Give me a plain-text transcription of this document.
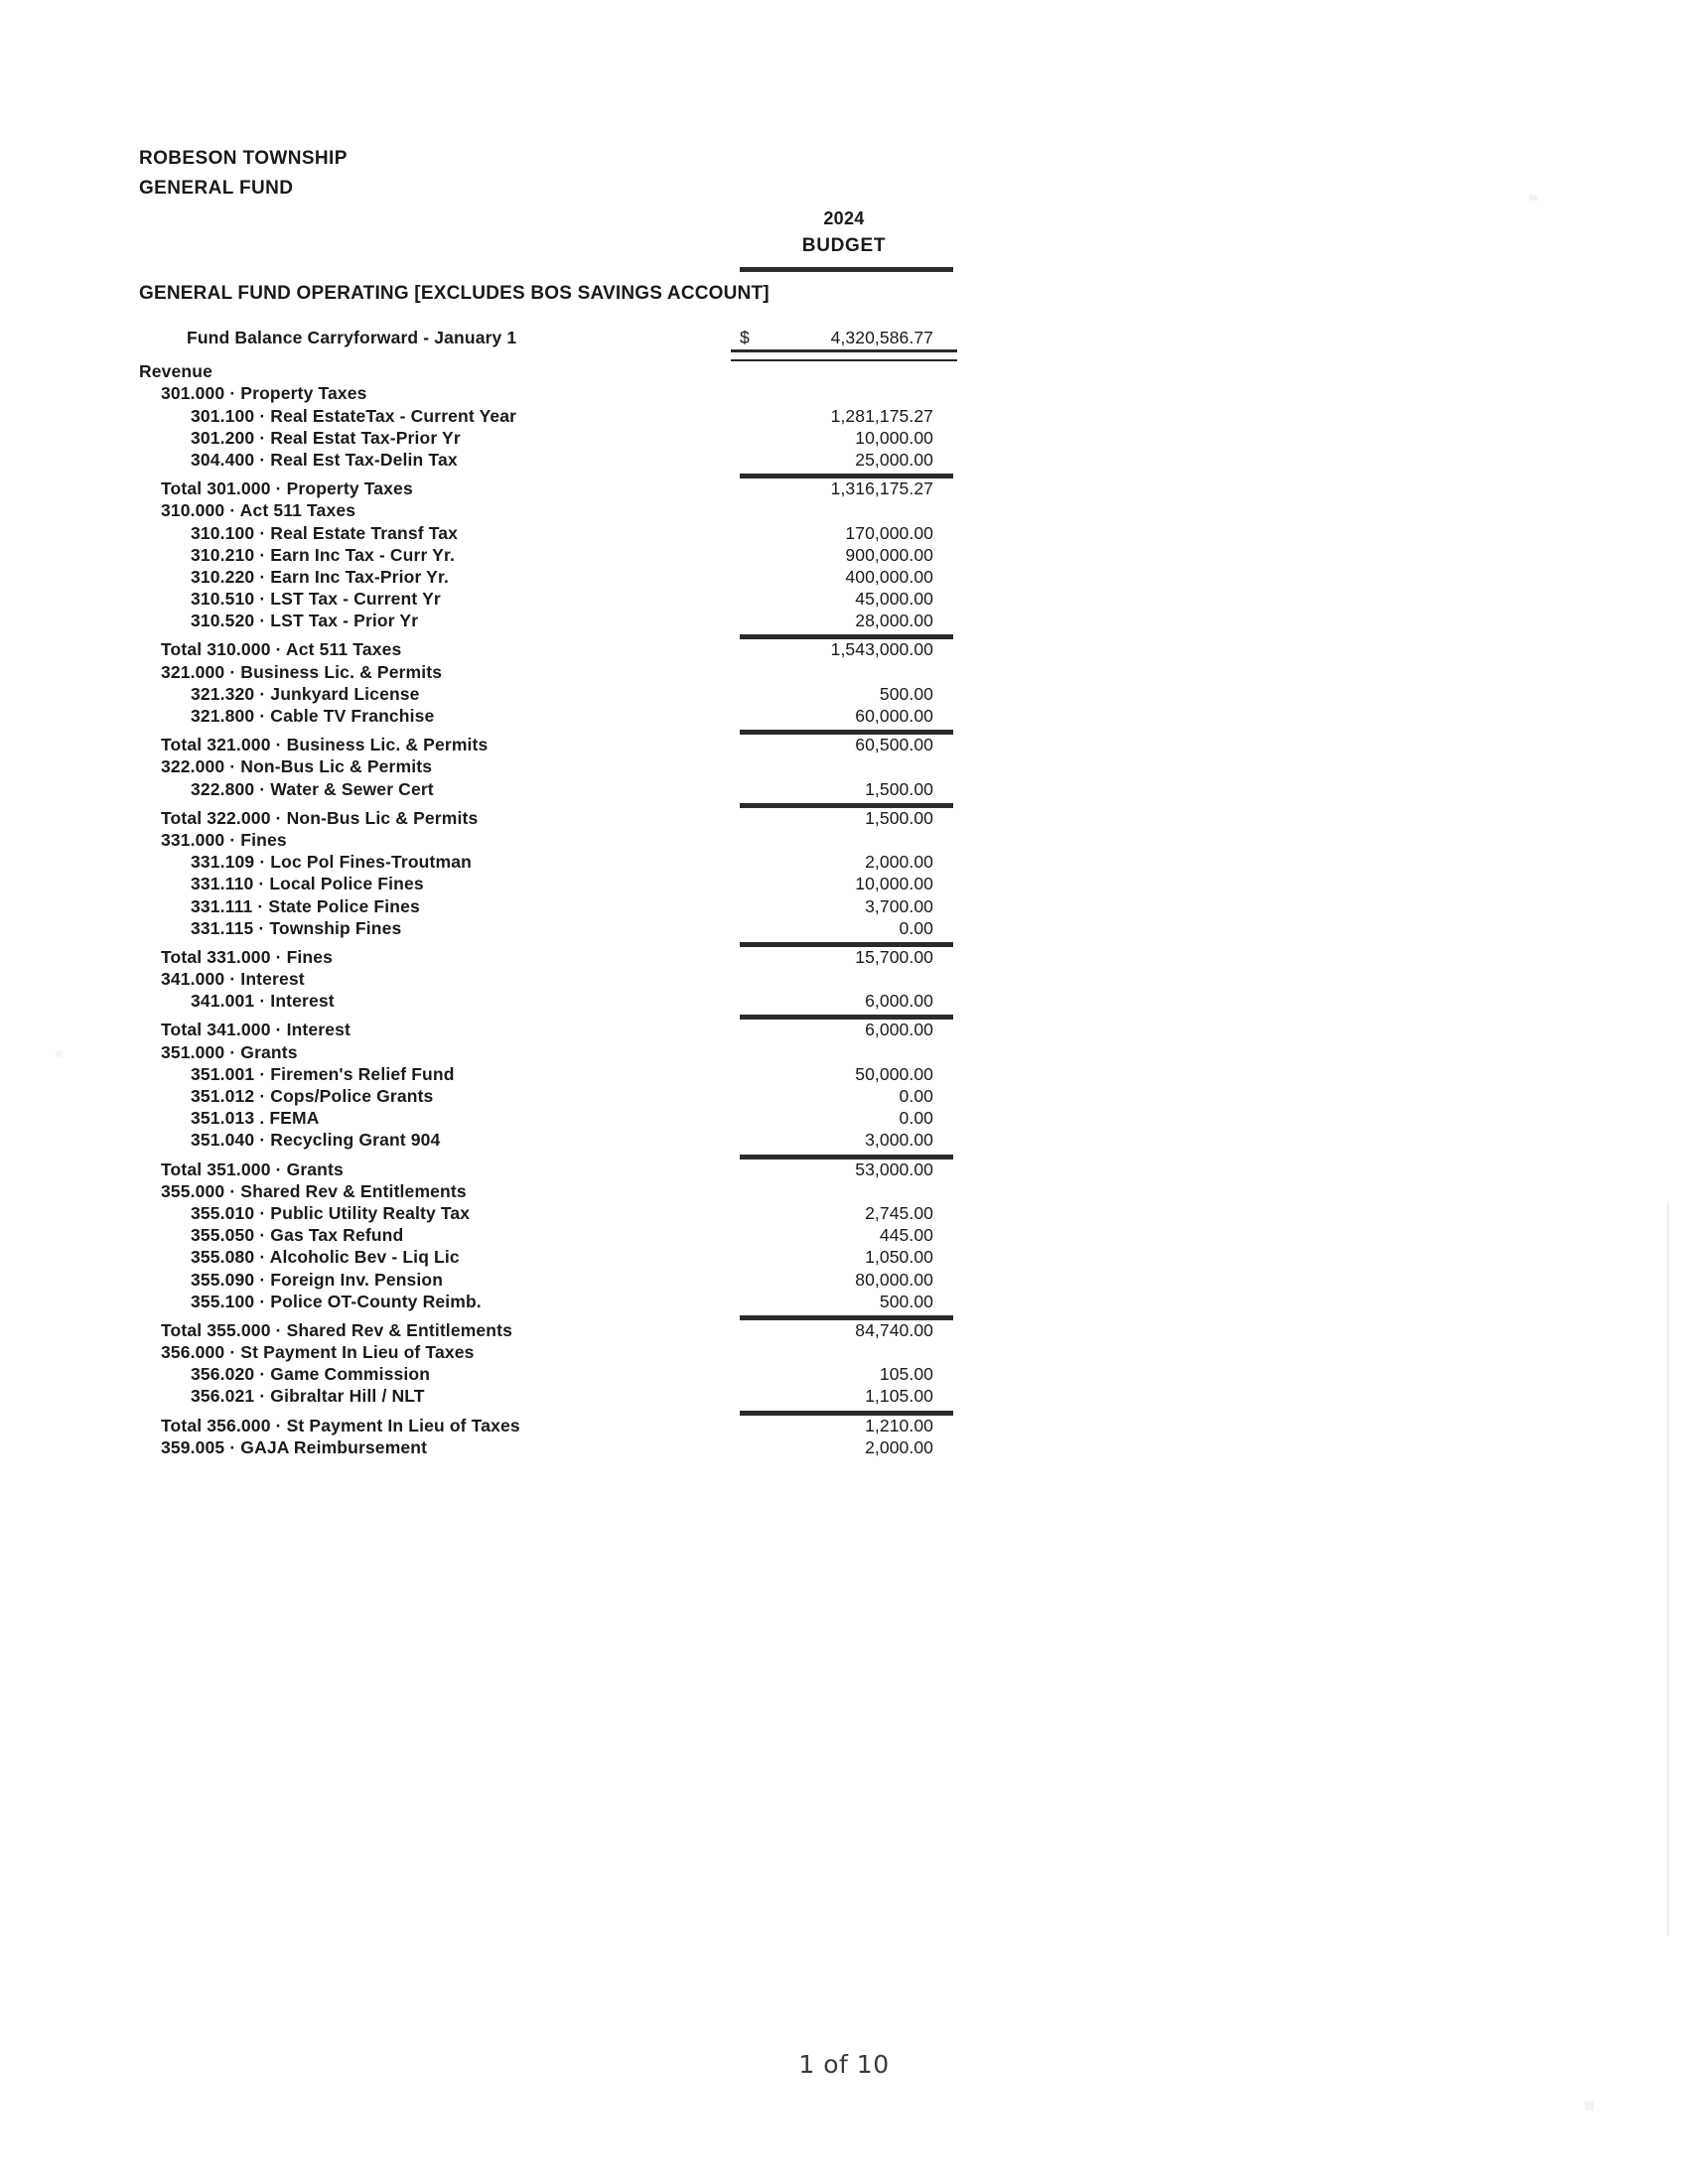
ROBESON TOWNSHIP
GENERAL FUND
2024
BUDGET
GENERAL FUND OPERATING [EXCLUDES BOS SAVINGS ACCOUNT]
Fund Balance Carryforward - January 1	$	4,320,586.77
Revenue
301.000 · Property Taxes
301.100 · Real EstateTax - Current Year	1,281,175.27
301.200 · Real Estat Tax-Prior Yr	10,000.00
304.400 · Real Est Tax-Delin Tax	25,000.00
Total 301.000 · Property Taxes	1,316,175.27
310.000 · Act 511 Taxes
310.100 · Real Estate Transf Tax	170,000.00
310.210 · Earn Inc Tax - Curr Yr.	900,000.00
310.220 · Earn Inc Tax-Prior Yr.	400,000.00
310.510 · LST Tax - Current Yr	45,000.00
310.520 · LST Tax - Prior Yr	28,000.00
Total 310.000 · Act 511 Taxes	1,543,000.00
321.000 · Business Lic. & Permits
321.320 · Junkyard License	500.00
321.800 · Cable TV Franchise	60,000.00
Total 321.000 · Business Lic. & Permits	60,500.00
322.000 · Non-Bus Lic & Permits
322.800 · Water & Sewer Cert	1,500.00
Total 322.000 · Non-Bus Lic & Permits	1,500.00
331.000 · Fines
331.109 · Loc Pol Fines-Troutman	2,000.00
331.110 · Local Police Fines	10,000.00
331.111 · State Police Fines	3,700.00
331.115 · Township Fines	0.00
Total 331.000 · Fines	15,700.00
341.000 · Interest
341.001 · Interest	6,000.00
Total 341.000 · Interest	6,000.00
351.000 · Grants
351.001 · Firemen's Relief Fund	50,000.00
351.012 · Cops/Police Grants	0.00
351.013 . FEMA	0.00
351.040 · Recycling Grant 904	3,000.00
Total 351.000 · Grants	53,000.00
355.000 · Shared Rev & Entitlements
355.010 · Public Utility Realty Tax	2,745.00
355.050 · Gas Tax Refund	445.00
355.080 · Alcoholic Bev - Liq Lic	1,050.00
355.090 · Foreign Inv. Pension	80,000.00
355.100 · Police OT-County Reimb.	500.00
Total 355.000 · Shared Rev & Entitlements	84,740.00
356.000 · St Payment In Lieu of Taxes
356.020 · Game Commission	105.00
356.021 · Gibraltar Hill / NLT	1,105.00
Total 356.000 · St Payment In Lieu of Taxes	1,210.00
359.005 · GAJA Reimbursement	2,000.00
1 of 10
